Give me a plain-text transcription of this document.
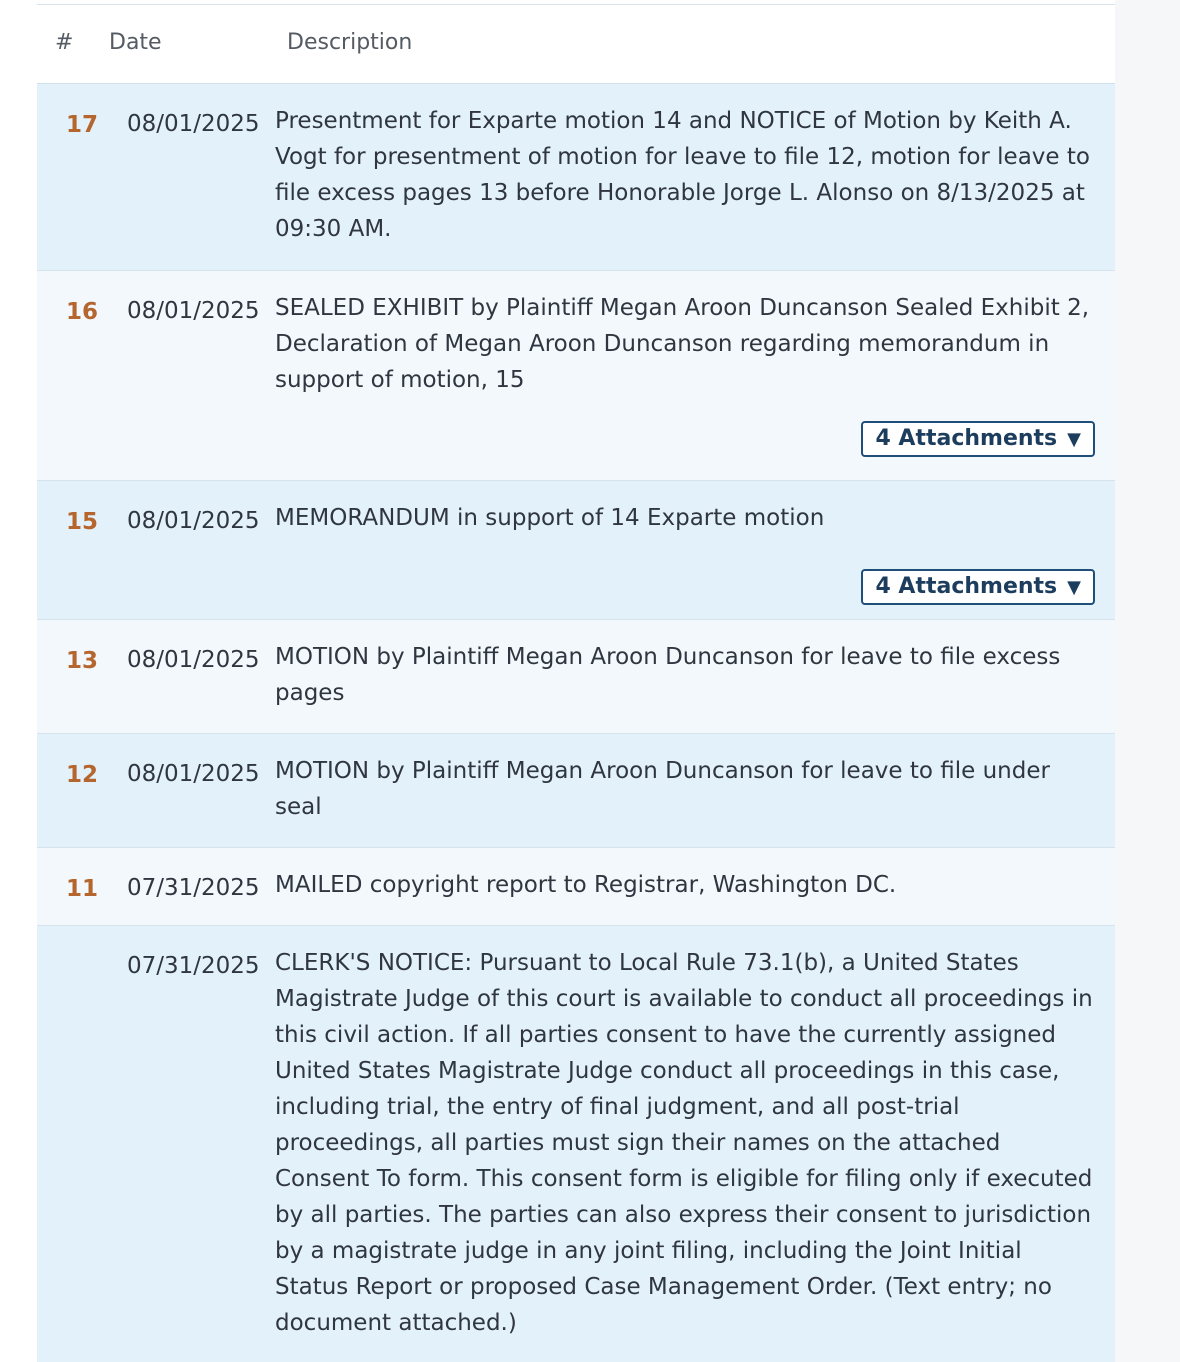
# Date	Description
17 08/01/2025 Presentment for Exparte motion 14 and NOTICE of Motion by Keith A. Vogt for presentment of motion for leave to file 12, motion for leave to file excess pages 13 before Honorable Jorge L. Alonso on 8/13/2025 at 09:30 AM.
16 08/01/2025 SEALED EXHIBIT by Plaintiff Megan Aroon Duncanson Sealed Exhibit 2, Declaration of Megan Aroon Duncanson regarding memorandum in support of motion, 15
4 Attachments ▼
15 08/01/2025 MEMORANDUM in support of 14 Exparte motion
4 Attachments ▼
13 08/01/2025 MOTION by Plaintiff Megan Aroon Duncanson for leave to file excess pages
12 08/01/2025 MOTION by Plaintiff Megan Aroon Duncanson for leave to file under seal
11 07/31/2025 MAILED copyright report to Registrar, Washington DC.
07/31/2025 CLERK'S NOTICE: Pursuant to Local Rule 73.1(b), a United States Magistrate Judge of this court is available to conduct all proceedings in this civil action. If all parties consent to have the currently assigned United States Magistrate Judge conduct all proceedings in this case, including trial, the entry of final judgment, and all post-trial proceedings, all parties must sign their names on the attached Consent To form. This consent form is eligible for filing only if executed by all parties. The parties can also express their consent to jurisdiction by a magistrate judge in any joint filing, including the Joint Initial Status Report or proposed Case Management Order. (Text entry; no document attached.)
